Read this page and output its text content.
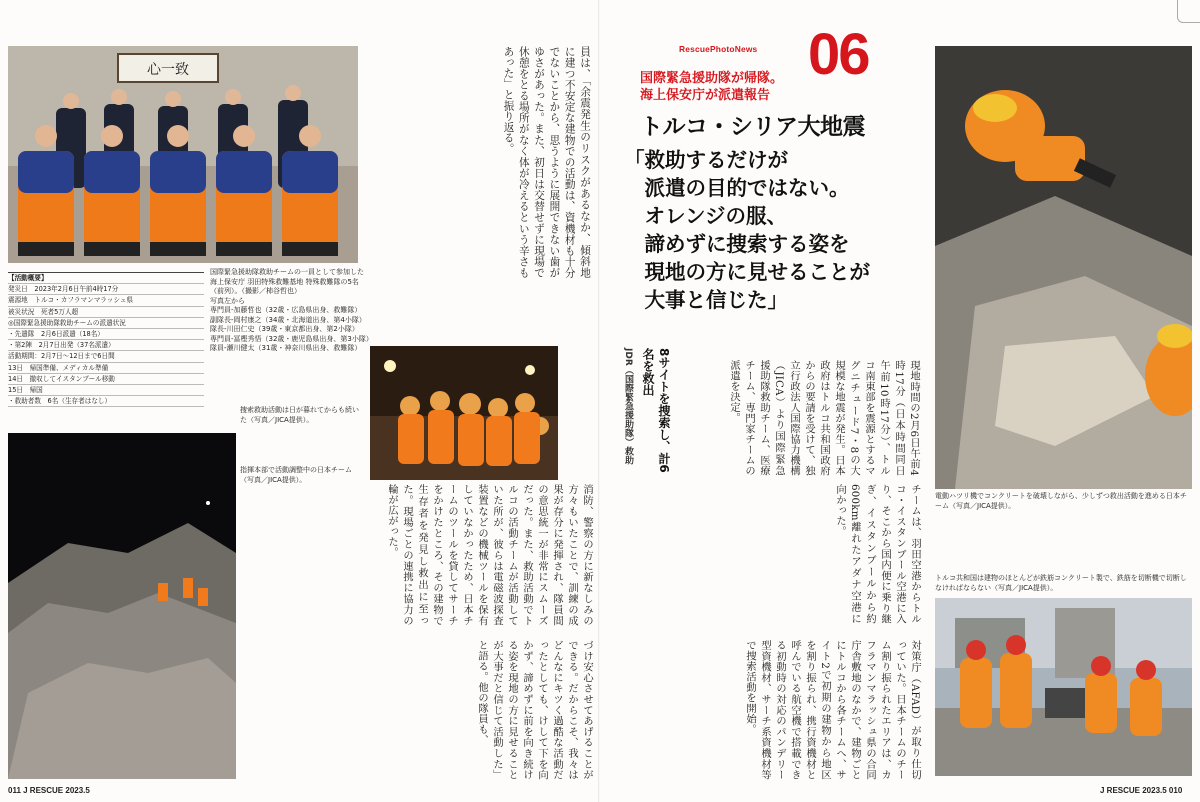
心一致	員は、「余震発生のリスクがあるなか、傾斜地に建つ不安定な建物での活動は、資機材も十分でないことから、思うように展開できない歯がゆさがあった。また、初日は交替せずに現場で休憩をとる場所がなく体が冷えるという辛さもあった」と振り返る。
国際緊急援助隊救助チームの一員として参加した海上保安庁 羽田特殊救難基地 特殊救難隊の5名（前列）。（撮影／柿谷哲也）
写真左から
専門員-加藤哲也（32歳・広島県出身、救難隊）
副隊長-岡村康之（34歳・北海道出身、第4小隊）
隊長-川田仁史（39歳・東京都出身、第2小隊）
専門員-冨樫秀悟（32歳・鹿児島県出身、第3小隊）
隊員-瀬川健太（31歳・神奈川県出身、救難隊）
【活動概要】
発災日　2023年2月6日午前4時17分
震源地　トルコ・カフラマンマラッシュ県
被災状況　死者5万人超
◎国際緊急援助隊救助チームの派遣状況
・先遣隊　2月6日派遣（18名）
・第2陣　2月7日出発（37名派遣）
活動期間：2月7日〜12日まで6日間
13日　帰国準備、メディカル準備
14日　撤収してイスタンブール移動
15日　帰国
・救助者数　6名（生存者はなし）
捜索救助活動は日が暮れてからも続いた（写真／JICA提供）。
指揮本部で活動調整中の日本チーム（写真／JICA提供）。
消防、警察の方に新なしみの方々もいたことで、訓練の成果が存分に発揮され、隊員間の意思統一が非常にスムーズだった。また、救助活動でトルコの活動チームが活動していた所が、彼らは電磁波探査装置などの機械ツールを保有していなかったため、日本チームのツールを貸してサーチをかけたところ、その建物で生存者を発見し救出に至った。現場ごとの連携に協力の輪が広がった。
づけ安心させてあげることができる。だからこそ、我々はどんなにキツく過酷な活動だったとしても、けして下を向かず、諦めずに前を向き続ける姿を現地の方に見せることが大事だと信じて活動した」と語る。他の隊員も、
011 J RESCUE 2023.5
RescuePhotoNews 06
国際緊急援助隊が帰隊。
海上保安庁が派遣報告
トルコ・シリア大地震
「救助するだけが
　派遣の目的ではない。
　オレンジの服、
　諦めずに捜索する姿を
　現地の方に見せることが
　大事と信じた」
現地時間の2月6日午前4時17分（日本時間同日午前10時17分）、トルコ南東部を震源とするマグニチュード7・8の大規模な地震が発生。日本政府はトルコ共和国政府からの要請を受けて、独立行政法人国際協力機構（JICA）より国際緊急援助隊救助チーム、医療チーム、専門家チームの派遣を決定。
8サイトを捜索し、計6名を救出
JDR（国際緊急援助隊）救助
チームは、羽田空港からトルコ・イスタンブール空港に入り、そこから国内便に乗り継ぎ、イスタンブールから約600km離れたアダナ空港に向かった。
対策庁（AFAD）が取り仕切っていた。日本チームのチーム割り振られたエリアは、カフラマンマラッシュ県の合同庁舎敷地のなかで、建物ごとにトルコから各チームへ、サイト2で初期の建物から地区を割り振られ、携行資機材と呼んでいる航空機で搭載できる初動時の対応のパンデリー型資機材、サーチ系資機材等で捜索活動を開始。
電動ハツリ機でコンクリートを破壊しながら、少しずつ救出活動を進める日本チーム（写真／JICA提供）。
トルコ共和国は建物のほとんどが鉄筋コンクリート製で、鉄筋を切断機で切断しなければならない（写真／JICA提供）。
J RESCUE 2023.5 010
